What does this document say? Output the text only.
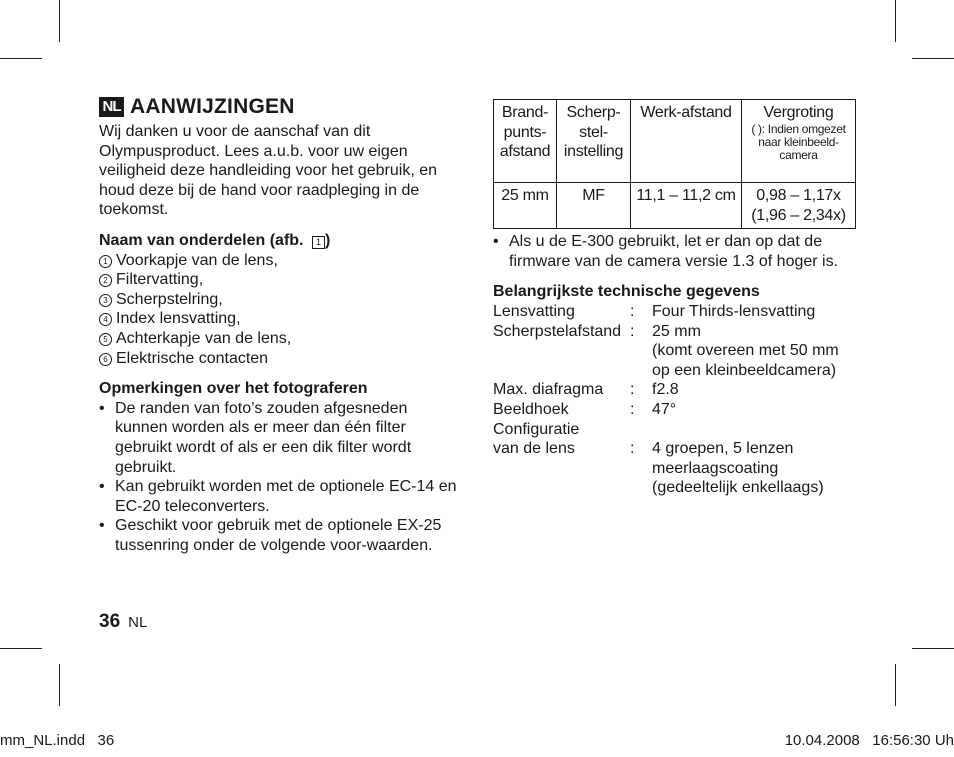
NL AANWIJZINGEN

Wij danken u voor de aanschaf van dit Olympusproduct. Lees a.u.b. voor uw eigen veiligheid deze handleiding voor het gebruik, en houd deze bij de hand voor raadpleging in de toekomst.

Naam van onderdelen (afb. 1 )
1 Voorkapje van de lens,
2 Filtervatting,
3 Scherpstelring,
4 Index lensvatting,
5 Achterkapje van de lens,
6 Elektrische contacten
Opmerkingen over het fotograferen
• De randen van foto’s zouden afgesneden kunnen worden als er meer dan één filter gebruikt wordt of als er een dik filter wordt gebruikt.
• Kan gebruikt worden met de optionele EC-14 en EC-20 teleconverters.
• Geschikt voor gebruik met de optionele EX-25 tussenring onder de volgende voor-waarden.
Brand-punts-afstand	Scherp-stel-instelling	Werk-afstand	Vergroting
( ): Indien omgezet naar kleinbeeld-camera

25 mm	MF	11,1 – 11,2 cm	0,98 – 1,17x
(1,96 – 2,34x)
• Als u de E-300 gebruikt, let er dan op dat de firmware van de camera versie 1.3 of hoger is.
Belangrijkste technische gegevens
Lensvatting	:	Four Thirds-lensvatting
Scherpstelafstand :	25 mm
(komt overeen met 50 mm
op een kleinbeeldcamera)
Max. diafragma	:	f2.8
Beeldhoek	:	47°
Configuratie
van de lens	:	4 groepen, 5 lenzen
meerlaagscoating
(gedeeltelijk enkellaags)
36 NL
mm_NL.indd   36	10.04.2008   16:56:30 Uh
